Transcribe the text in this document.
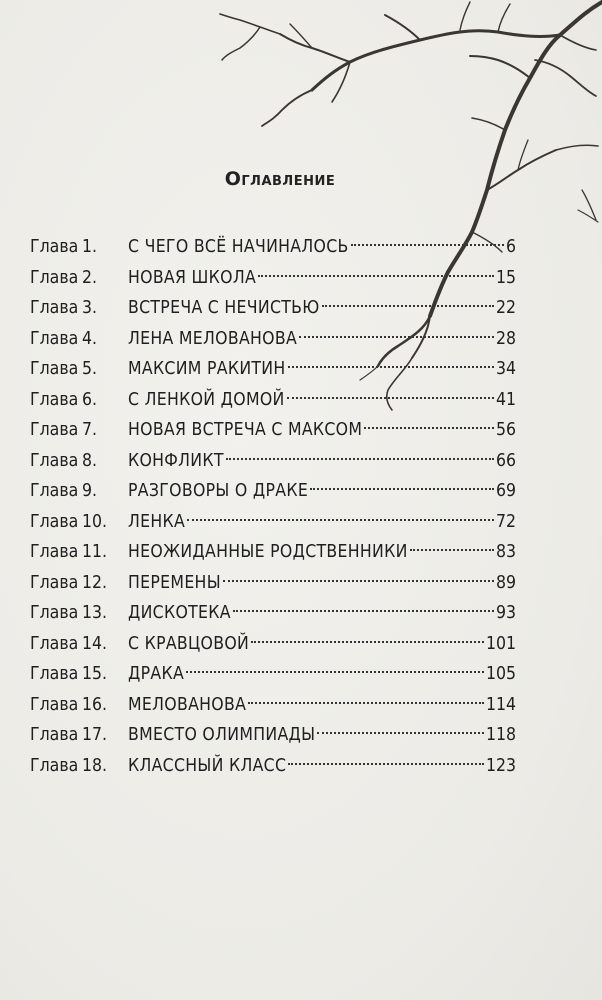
Оглавление
Глава 1.	С ЧЕГО ВСЁ НАЧИНАЛОСЬ	6
Глава 2.	НОВАЯ ШКОЛА	15
Глава 3.	ВСТРЕЧА С НЕЧИСТЬЮ	22
Глава 4.	ЛЕНА МЕЛОВАНОВА	28
Глава 5.	МАКСИМ РАКИТИН	34
Глава 6.	С ЛЕНКОЙ ДОМОЙ	41
Глава 7.	НОВАЯ ВСТРЕЧА С МАКСОМ	56
Глава 8.	КОНФЛИКТ	66
Глава 9.	РАЗГОВОРЫ О ДРАКЕ	69
Глава 10.	ЛЕНКА	72
Глава 11.	НЕОЖИДАННЫЕ РОДСТВЕННИКИ	83
Глава 12.	ПЕРЕМЕНЫ	89
Глава 13.	ДИСКОТЕКА	93
Глава 14.	С КРАВЦОВОЙ	101
Глава 15.	ДРАКА	105
Глава 16.	МЕЛОВАНОВА	114
Глава 17.	ВМЕСТО ОЛИМПИАДЫ	118
Глава 18.	КЛАССНЫЙ КЛАСС	123
